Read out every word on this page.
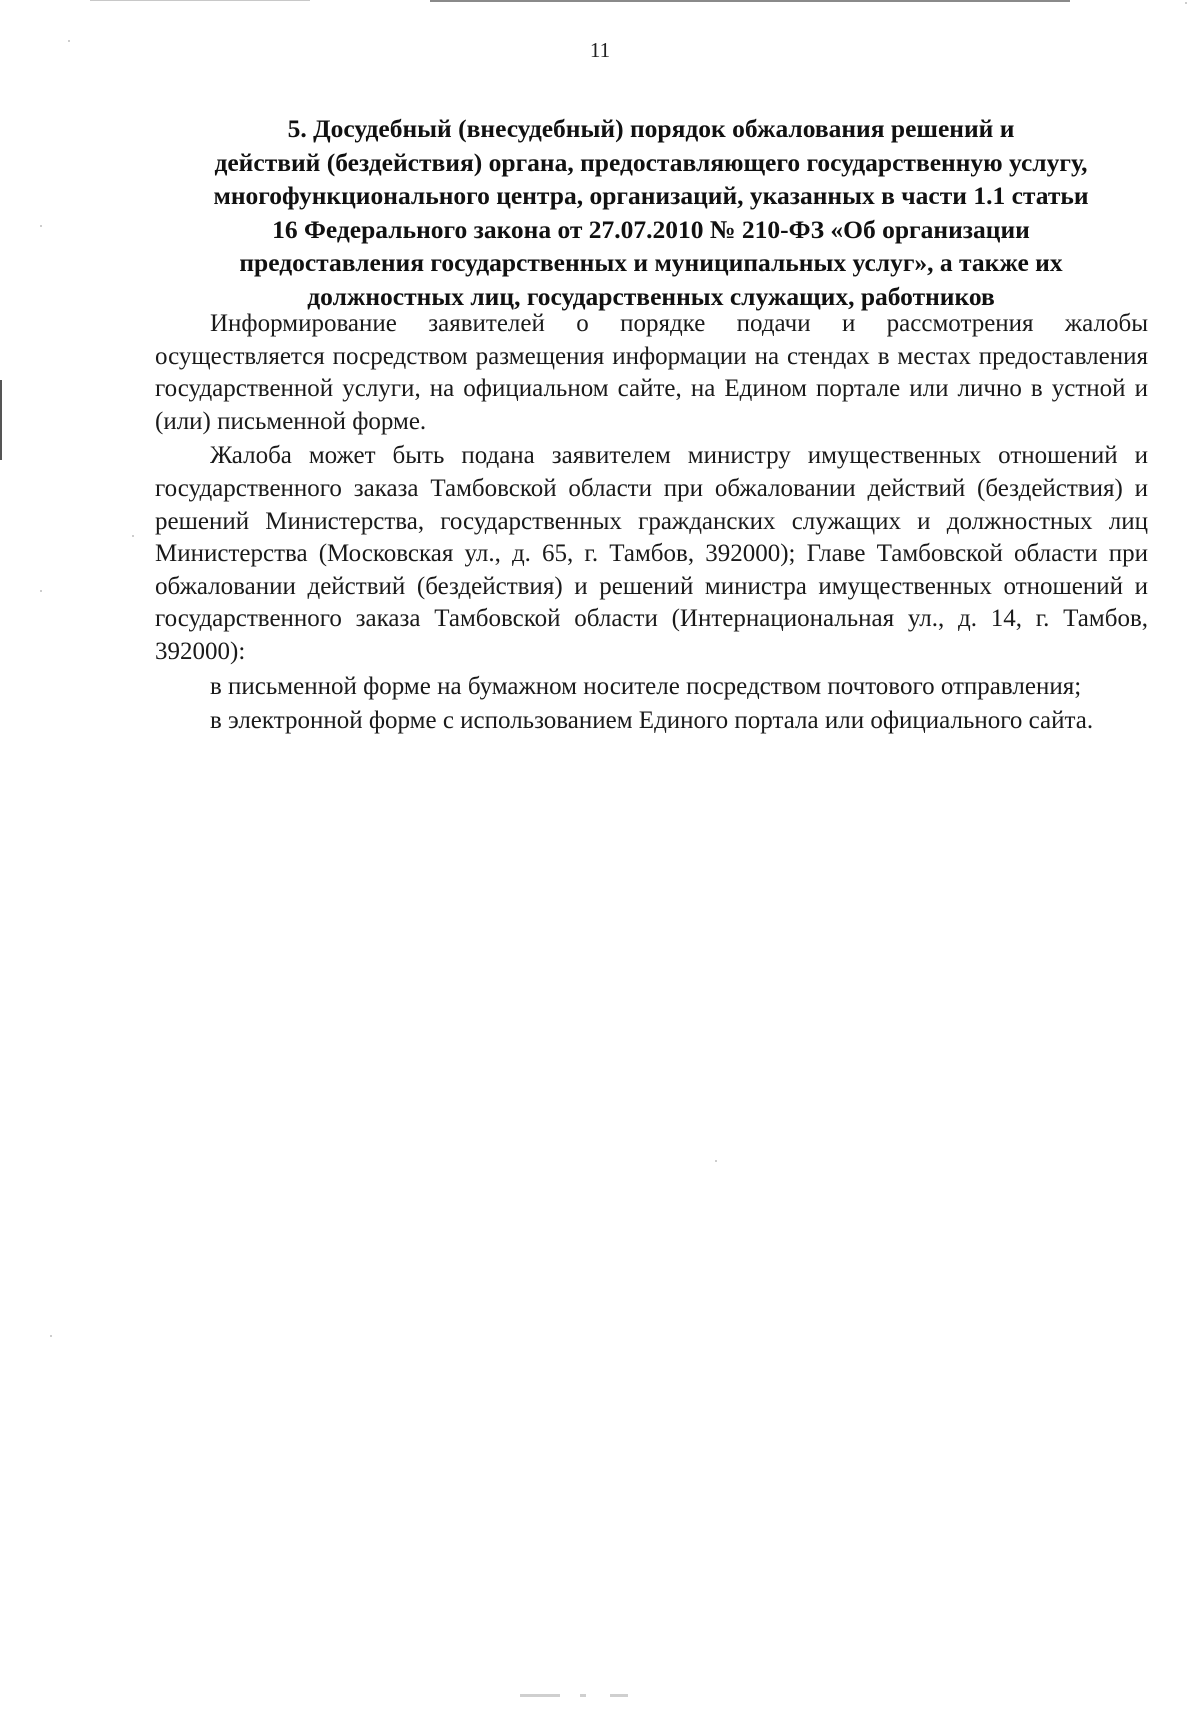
11
5. Досудебный (внесудебный) порядок обжалования решений и
действий (бездействия) органа, предоставляющего государственную услугу,
многофункционального центра, организаций, указанных в части 1.1 статьи
16 Федерального закона от 27.07.2010 № 210-ФЗ «Об организации
предоставления государственных и муниципальных услуг», а также их
должностных лиц, государственных служащих, работников

Информирование заявителей о порядке подачи и рассмотрения жалобы осуществляется посредством размещения информации на стендах в местах предоставления государственной услуги, на официальном сайте, на Едином портале или лично в устной и (или) письменной форме.

Жалоба может быть подана заявителем министру имущественных отношений и государственного заказа Тамбовской области при обжаловании действий (бездействия) и решений Министерства, государственных гражданских служащих и должностных лиц Министерства (Московская ул., д. 65, г. Тамбов, 392000); Главе Тамбовской области при обжаловании действий (бездействия) и решений министра имущественных отношений и государственного заказа Тамбовской области (Интернациональная ул., д. 14, г. Тамбов, 392000):

в письменной форме на бумажном носителе посредством почтового отправления;

в электронной форме с использованием Единого портала или официального сайта.
